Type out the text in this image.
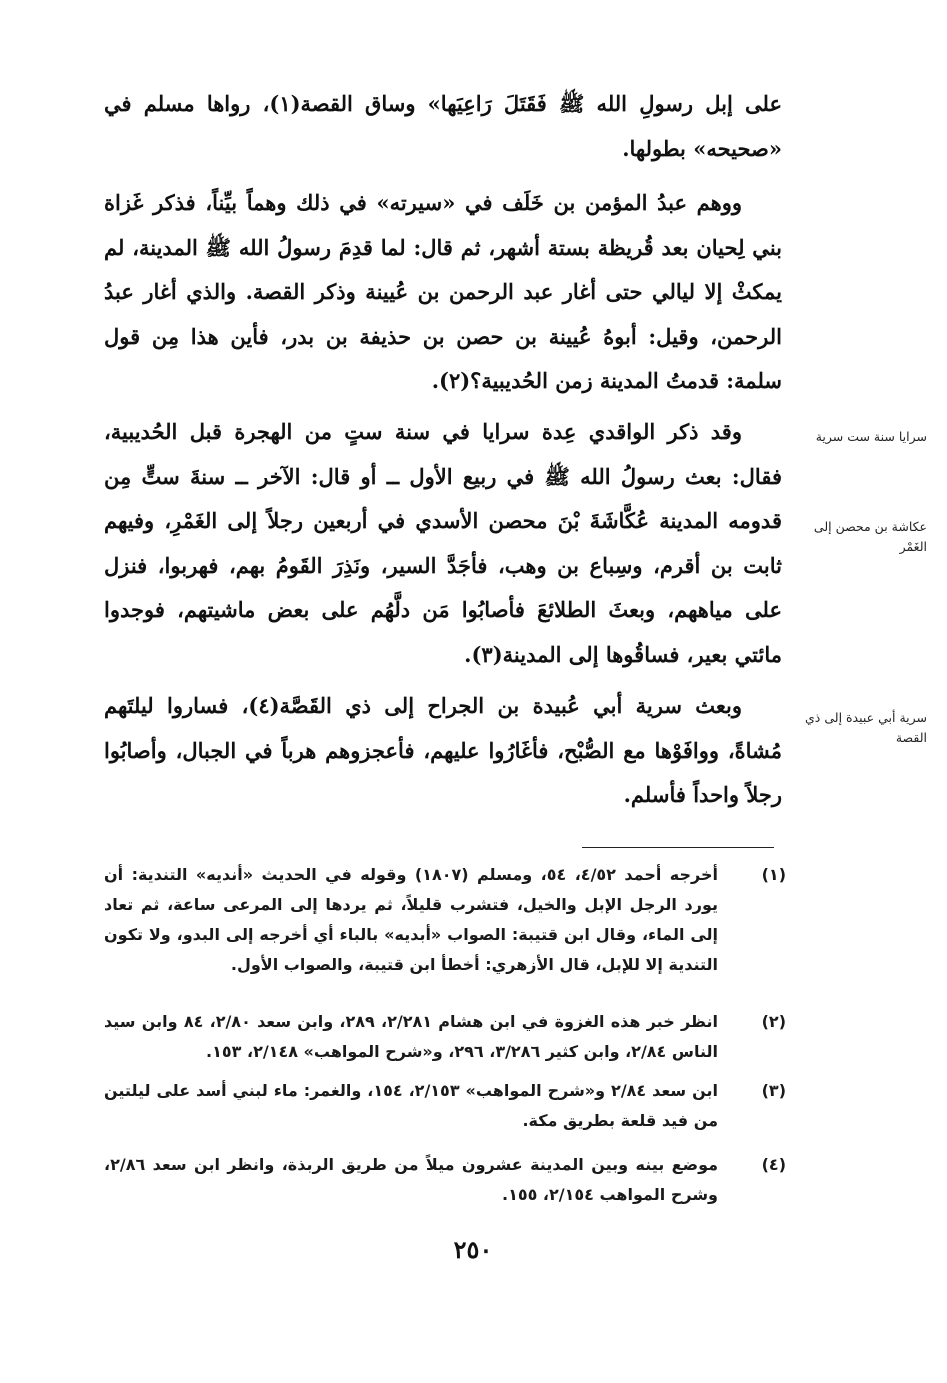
على إبل رسولِ الله ﷺ فَقَتَلَ رَاعِيَها» وساق القصة(١)، رواها مسلم في «صحيحه» بطولها.
ووهم عبدُ المؤمن بن خَلَف في «سيرته» في ذلك وهماً بيِّناً، فذكر غَزاة بني لِحيان بعد قُريظة بستة أشهر، ثم قال: لما قدِمَ رسولُ الله ﷺ المدينة، لم يمكثْ إلا ليالي حتى أغار عبد الرحمن بن عُيينة وذكر القصة. والذي أغار عبدُ الرحمن، وقيل: أبوهُ عُيينة بن حصن بن حذيفة بن بدر، فأين هذا مِن قول سلمة: قدمتُ المدينة زمن الحُديبية؟(٢).
وقد ذكر الواقدي عِدة سرايا في سنة ستٍ من الهجرة قبل الحُديبية، فقال: بعث رسولُ الله ﷺ في ربيع الأول ــ أو قال: الآخر ــ سنةَ ستٍّ مِن قدومه المدينة عُكَّاشَةَ بْنَ محصن الأسدي في أربعين رجلاً إلى الغَمْرِ، وفيهم ثابت بن أقرم، وسِباع بن وهب، فأجَدَّ السير، ونَذِرَ القَومُ بهم، فهربوا، فنزل على مياههم، وبعثَ الطلائعَ فأصابُوا مَن دلَّهُم على بعض ماشيتهم، فوجدوا مائتي بعير، فساقُوها إلى المدينة(٣).
وبعث سرية أبي عُبيدة بن الجراح إلى ذي القَصَّة(٤)، فساروا ليلتَهم مُشاةً، ووافَوْها مع الصُّبْح، فأغَارُوا عليهم، فأعجزوهم هرباً في الجبال، وأصابُوا رجلاً واحداً فأسلم.
سرايا سنة ست سرية
عكاشة بن محصن إلى الغَمْر
سرية أبي عبيدة إلى ذي القصة
(١)
أخرجه أحمد ٤/٥٢، ٥٤، ومسلم (١٨٠٧) وقوله في الحديث «أنديه» التندية: أن يورد الرجل الإبل والخيل، فتشرب قليلاً، ثم يردها إلى المرعى ساعة، ثم تعاد إلى الماء، وقال ابن قتيبة: الصواب «أبديه» بالباء أي أخرجه إلى البدو، ولا تكون التندية إلا للإبل، قال الأزهري: أخطأ ابن قتيبة، والصواب الأول.
(٢)
انظر خبر هذه الغزوة في ابن هشام ٢/٢٨١، ٢٨٩، وابن سعد ٢/٨٠، ٨٤ وابن سيد الناس ٢/٨٤، وابن كثير ٣/٢٨٦، ٢٩٦، و«شرح المواهب» ٢/١٤٨، ١٥٣.
(٣)
ابن سعد ٢/٨٤ و«شرح المواهب» ٢/١٥٣، ١٥٤، والغمر: ماء لبني أسد على ليلتين من فيد قلعة بطريق مكة.
(٤)
موضع بينه وبين المدينة عشرون ميلاً من طريق الربذة، وانظر ابن سعد ٢/٨٦، وشرح المواهب ٢/١٥٤، ١٥٥.
٢٥٠
